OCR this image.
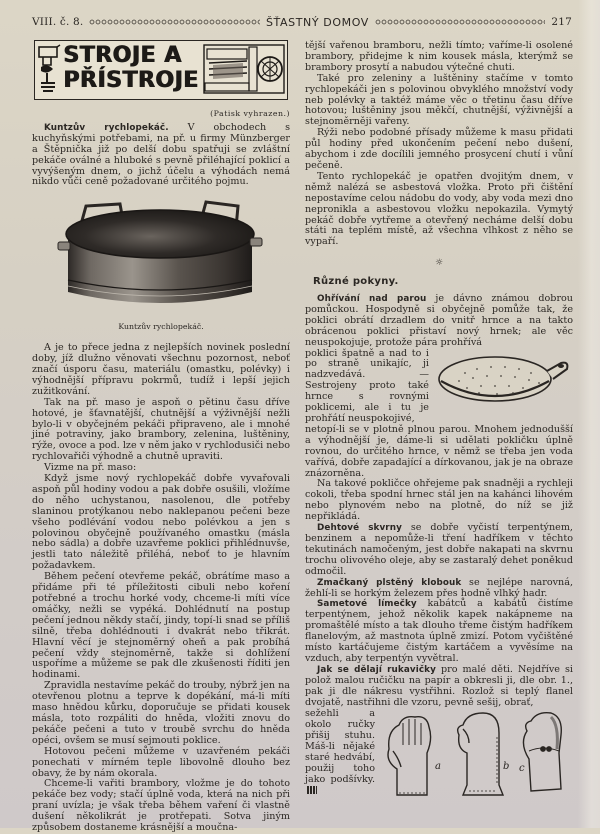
VIII. č. 8.	ŠŤASTNÝ DOMOV	217
STROJE A
PŘÍSTROJE
(Patisk vyhrazen.)

Kuntzův rychlopekáč. V obchodech s kuchyňskými potřebami, na př. u firmy Münzberger a Štěpnička již po delší dobu spatřuji se zvláštní pekáče oválné a hluboké s pevně přiléhající poklicí a vyvýšeným dnem, o jichž účelu a výhodách nemá nikdo vůči ceně požadované určitého pojmu.

Kuntzův rychlopekáč.

A je to přece jedna z nejlepších novinek poslední doby, jíž dlužno věnovati všechnu pozornost, neboť značí úsporu času, materiálu (omastku, polévky) i výhodnější přípravu pokrmů, tudíž i lepší jejich zužitkování.

Tak na př. maso je aspoň o pětinu času dříve hotové, je šťavnatější, chutnější a výživnější nežli bylo-li v obyčejném pekáči připraveno, ale i mnohé jiné potraviny, jako brambory, zelenina, luštěniny, rýže, ovoce a pod. lze v něm jako v rychlodusiči nebo rychlovařiči výhodně a chutně upraviti.

Vizme na př. maso:

Když jsme nový rychlopekáč dobře vyvařovali aspoň půl hodiny vodou a pak dobře osušili, vložíme do něho uchystanou, nasolenou, dle potřeby slaninou protýkanou nebo naklepanou pečeni beze všeho podlévání vodou nebo polévkou a jen s polovinou obyčejně používaného omastku (másla nebo sádla) a dobře uzavřeme poklici přihlédnuvše, jestli tato náležitě přiléhá, neboť to je hlavním požadavkem.

Během pečení otevřeme pekáč, obrátíme maso a přidáme při té příležitosti cibuli nebo koření potřebné a trochu horké vody, chceme-li míti více omáčky, nežli se vypéká. Dohlédnutí na postup pečení jednou někdy stačí, jindy, topí-li snad se příliš silně, třeba dohlédnouti i dvakrát nebo třikrát. Hlavní věcí je stejnoměrný oheň a pak probíhá pečení vždy stejnoměrně, takže si dohlížení uspoříme a můžeme se pak dle zkušenosti říditi jen hodinami.

Zpravidla nestavíme pekáč do trouby, nýbrž jen na otevřenou plotnu a teprve k dopékání, má-li míti maso hnědou kůrku, doporučuje se přidati kousek másla, toto rozpáliti do hněda, vložiti znovu do pekáče pečeni a tuto v troubě svrchu do hněda opéci, ovšem se musí sejmouti poklice.

Hotovou pečeni můžeme v uzavřeném pekáči ponechati v mírném teple libovolně dlouho bez obavy, že by nám okorala.

Chceme-li vařiti brambory, vložme je do tohoto pekáče bez vody; stačí úplně voda, která na nich při praní uvízla; je však třeba během vaření či vlastně dušení několikrát je protřepati. Sotva jiným způsobem dostaneme krásnější a moučna-

tější vařenou bramboru, nežli tímto; vaříme-li osolené brambory, přidejme k nim kousek másla, kterýmž se brambory prosytí a nabudou výtečné chuti.

Také pro zeleniny a luštěniny stačíme v tomto rychlopekáči jen s polovinou obvyklého množství vody neb polévky a taktéž máme věc o třetinu času dříve hotovou; luštěniny jsou měkčí, chutnější, výživnější a stejnoměrněji vařeny.

Rýži nebo podobné přísady můžeme k masu přidati půl hodiny před ukončením pečení nebo dušení, abychom i zde docílili jemného prosycení chutí i vůní pečeně.

Tento rychlopekáč je opatřen dvojitým dnem, v němž nalézá se asbestová vložka. Proto při čištění nepostavíme celou nádobu do vody, aby voda mezi dno nepronikla a asbestovou vložku nepokazila. Vymytý pekáč dobře vytřeme a otevřený necháme delší dobu státi na teplém místě, až všechna vlhkost z něho se vypaří.

☼
Různé pokyny.

Ohřívání nad parou je dávno známou dobrou pomůckou. Hospodyně si obyčejně pomůže tak, že poklici obrátí drzadlem do vnitř hrnce a na takto obrácenou poklici přistaví nový hrnek; ale věc neuspokojuje, protože pára prohřívá

poklici špatně a nad to i po straně unikajíc, ji nadzvedává. — Sestrojeny proto také hrnce s rovnými poklicemi, ale i tu je prohřátí neuspokojivé,

netopí-li se v plotně plnou parou. Mnohem jednodušší a výhodnější je, dáme-li si udělati pokličku úplně rovnou, do určitého hrnce, v němž se třeba jen voda vařívá, dobře zapadající a dírkovanou, jak je na obraze znázorněna.

Na takové pokličce ohřejeme pak snadněji a rychleji cokoli, třeba spodní hrnec stál jen na kahánci lihovém nebo plynovém nebo na plotně, do níž se již nepřikládá.

Dehtové skvrny se dobře vyčistí terpentýnem, benzinem a nepomůže-li tření hadříkem v těchto tekutinách namočeným, jest dobře nakapati na skvrnu trochu olivového oleje, aby se zastaralý dehet poněkud odmočil.

Zmačkaný plstěný klobouk se nejlépe narovná, žehlí-li se horkým železem přes hodně vlhký hadr.

Sametové límečky kabátců a kabátů čistíme terpentýnem, jehož několik kapek nakápneme na promaštělé místo a tak dlouho třeme čistým hadříkem flanelovým, až mastnota úplně zmizí. Potom vyčištěné místo kartáčujeme čistým kartáčem a vyvěsíme na vzduch, aby terpentýn vyvětral.

Jak se dělají rukavičky pro malé děti. Nejdříve si polož malou ručičku na papír a obkresli ji, dle obr. 1., pak ji dle nákresu vystřihni. Rozlož si teplý flanel dvojatě, nastřihni dle vzoru, pevně sešij, obrať,

sežehli a okolo ručky přišij stuhu. Máš-li nějaké staré hedvábí, použij toho jako podšívky.

a	b c
